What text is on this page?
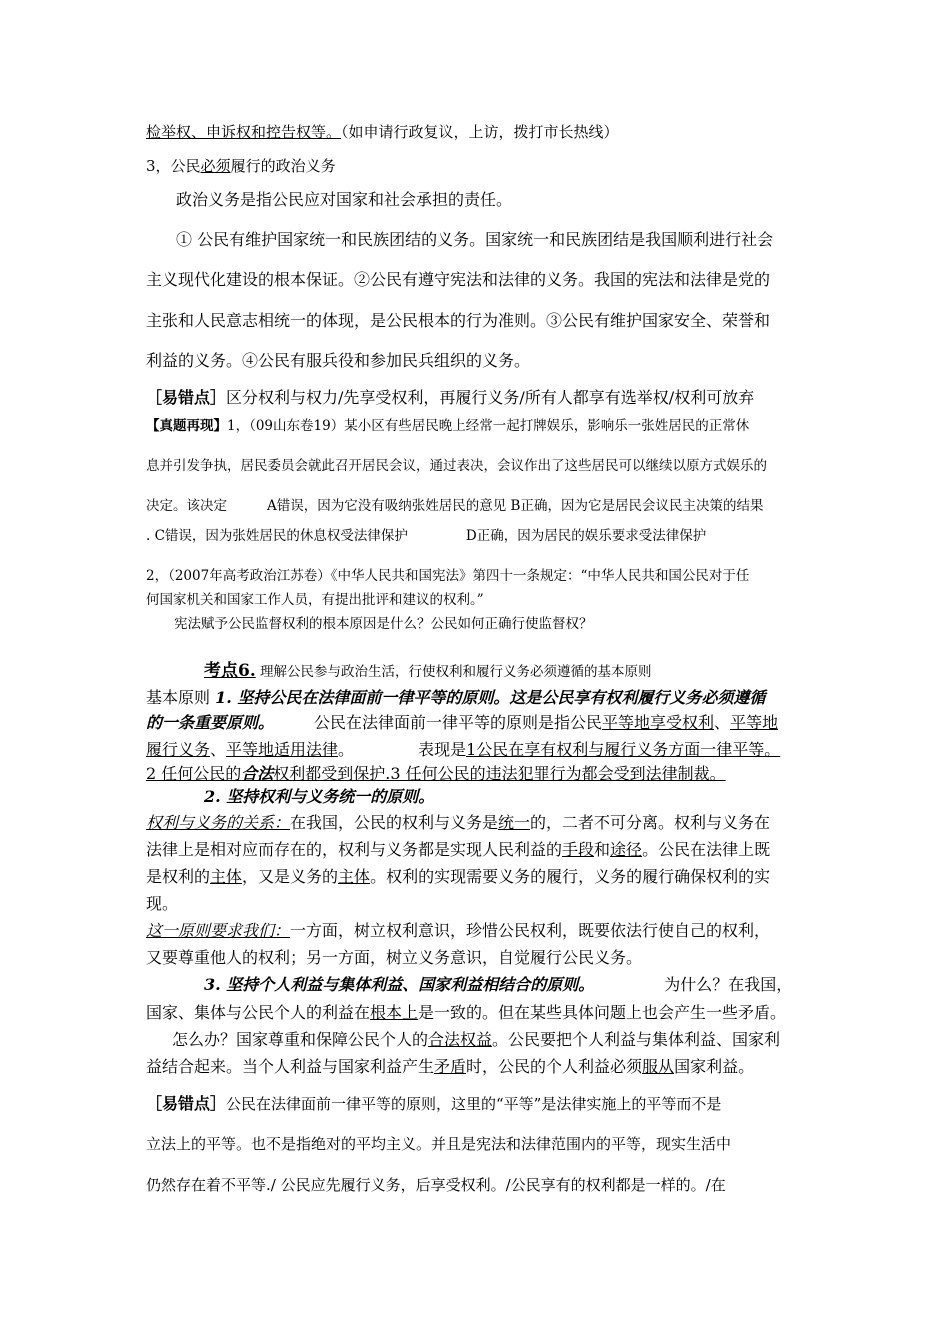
检举权、申诉权和控告权等。（如申请行政复议，上访，拨打市长热线）
3，公民必须履行的政治义务
政治义务是指公民应对国家和社会承担的责任。
① 公民有维护国家统一和民族团结的义务。国家统一和民族团结是我国顺利进行社会
主义现代化建设的根本保证。②公民有遵守宪法和法律的义务。我国的宪法和法律是党的
主张和人民意志相统一的体现，是公民根本的行为准则。③公民有维护国家安全、荣誉和
利益的义务。④公民有服兵役和参加民兵组织的义务。
［易错点］区分权利与权力/先享受权利，再履行义务/所有人都享有选举权/权利可放弃
【真题再现】1，（09山东卷19）某小区有些居民晚上经常一起打牌娱乐，影响乐一张姓居民的正常休
息并引发争执，居民委员会就此召开居民会议，通过表决，会议作出了这些居民可以继续以原方式娱乐的
决定。该决定	A错误，因为它没有吸纳张姓居民的意见 B正确，因为它是居民会议民主决策的结果
. C错误，因为张姓居民的休息权受法律保护	D正确，因为居民的娱乐要求受法律保护
2，（2007年高考政治江苏卷）《中华人民共和国宪法》第四十一条规定：“中华人民共和国公民对于任
何国家机关和国家工作人员，有提出批评和建议的权利。”
宪法赋予公民监督权利的根本原因是什么？公民如何正确行使监督权？
考点6. 理解公民参与政治生活，行使权利和履行义务必须遵循的基本原则
基本原则 1. 坚持公民在法律面前一律平等的原则。这是公民享有权利履行义务必须遵循
的一条重要原则。	公民在法律面前一律平等的原则是指公民平等地享受权利、平等地
履行义务、平等地适用法律。	表现是1公民在享有权利与履行义务方面一律平等。
2 任何公民的合法权利都受到保护.3 任何公民的违法犯罪行为都会受到法律制裁。
2. 坚持权利与义务统一的原则。
权利与义务的关系：在我国，公民的权利与义务是统一的，二者不可分离。权利与义务在
法律上是相对应而存在的，权利与义务都是实现人民利益的手段和途径。公民在法律上既
是权利的主体，又是义务的主体。权利的实现需要义务的履行，义务的履行确保权利的实
现。
这一原则要求我们：一方面，树立权利意识，珍惜公民权利，既要依法行使自己的权利，
又要尊重他人的权利；另一方面，树立义务意识，自觉履行公民义务。
3. 坚持个人利益与集体利益、国家利益相结合的原则。	为什么？在我国，
国家、集体与公民个人的利益在根本上是一致的。但在某些具体问题上也会产生一些矛盾。
怎么办？国家尊重和保障公民个人的合法权益。公民要把个人利益与集体利益、国家利
益结合起来。当个人利益与国家利益产生矛盾时，公民的个人利益必须服从国家利益。
［易错点］公民在法律面前一律平等的原则，这里的“平等”是法律实施上的平等而不是
立法上的平等。也不是指绝对的平均主义。并且是宪法和法律范围内的平等，现实生活中
仍然存在着不平等./ 公民应先履行义务，后享受权利。/公民享有的权利都是一样的。/在
